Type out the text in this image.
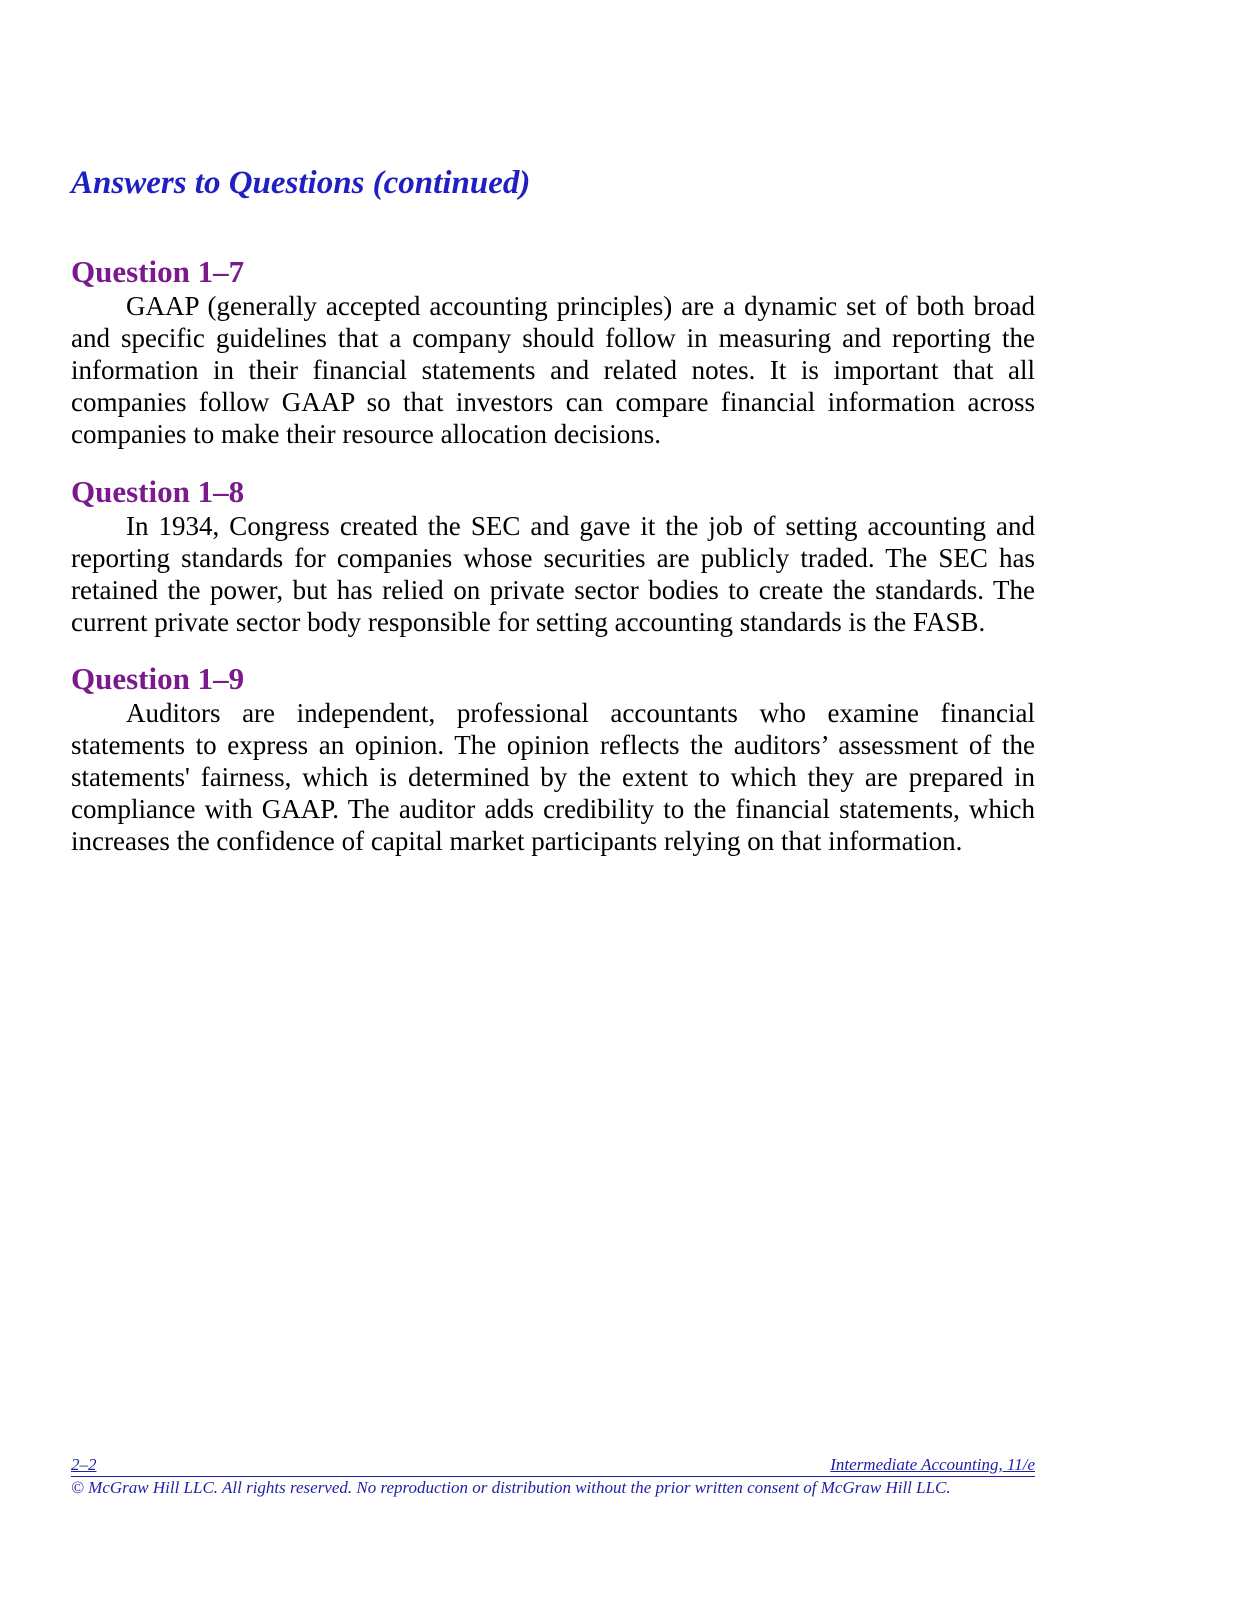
Answers to Questions (continued)
Question 1–7

GAAP (generally accepted accounting principles) are a dynamic set of both broad and specific guidelines that a company should follow in measuring and reporting the information in their financial statements and related notes. It is important that all companies follow GAAP so that investors can compare financial information across companies to make their resource allocation decisions.

Question 1–8

In 1934, Congress created the SEC and gave it the job of setting accounting and reporting standards for companies whose securities are publicly traded. The SEC has retained the power, but has relied on private sector bodies to create the standards. The current private sector body responsible for setting accounting standards is the FASB.

Question 1–9

Auditors are independent, professional accountants who examine financial statements to express an opinion. The opinion reflects the auditors’ assessment of the statements' fairness, which is determined by the extent to which they are prepared in compliance with GAAP. The auditor adds credibility to the financial statements, which increases the confidence of capital market participants relying on that information.

2–2	Intermediate Accounting, 11/e
© McGraw Hill LLC. All rights reserved. No reproduction or distribution without the prior written consent of McGraw Hill LLC.
